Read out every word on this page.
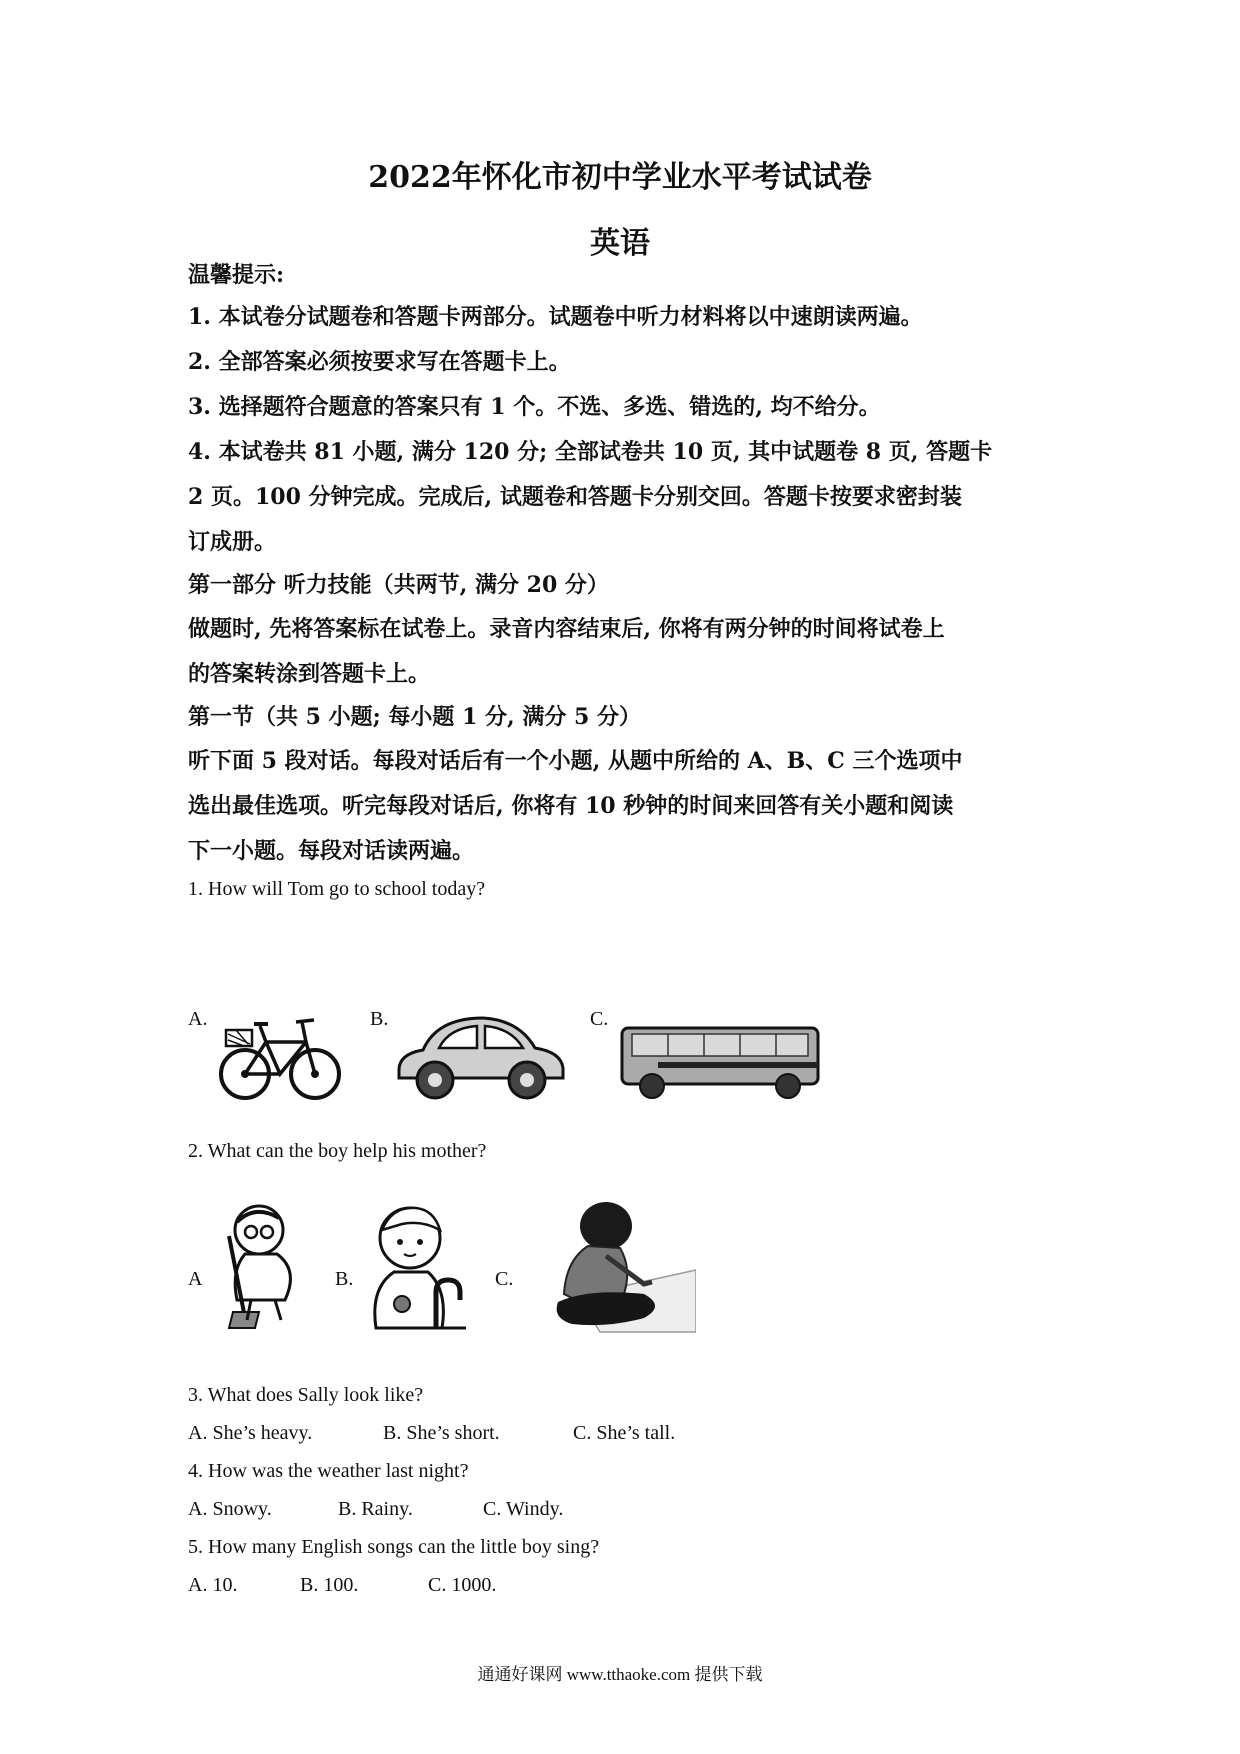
2022年怀化市初中学业水平考试试卷
英语
温馨提示:
1. 本试卷分试题卷和答题卡两部分。试题卷中听力材料将以中速朗读两遍。
2. 全部答案必须按要求写在答题卡上。
3. 选择题符合题意的答案只有 1 个。不选、多选、错选的, 均不给分。
4. 本试卷共 81 小题, 满分 120 分; 全部试卷共 10 页, 其中试题卷 8 页, 答题卡
2 页。100 分钟完成。完成后, 试题卷和答题卡分别交回。答题卡按要求密封装
订成册。
第一部分 听力技能（共两节, 满分 20 分）
做题时, 先将答案标在试卷上。录音内容结束后, 你将有两分钟的时间将试卷上
的答案转涂到答题卡上。
第一节（共 5 小题; 每小题 1 分, 满分 5 分）
听下面 5 段对话。每段对话后有一个小题, 从题中所给的 A、B、C 三个选项中
选出最佳选项。听完每段对话后, 你将有 10 秒钟的时间来回答有关小题和阅读
下一小题。每段对话读两遍。
1. How will Tom go to school today?
A.	B.	C.
2. What can the boy help his mother?
A	B.	C.
3. What does Sally look like?
A. She’s heavy.	B. She’s short.	C. She’s tall.
4. How was the weather last night?
A. Snowy.	B. Rainy.	C. Windy.
5. How many English songs can the little boy sing?
A. 10.	B. 100.	C. 1000.
通通好课网 www.tthaoke.com 提供下载
